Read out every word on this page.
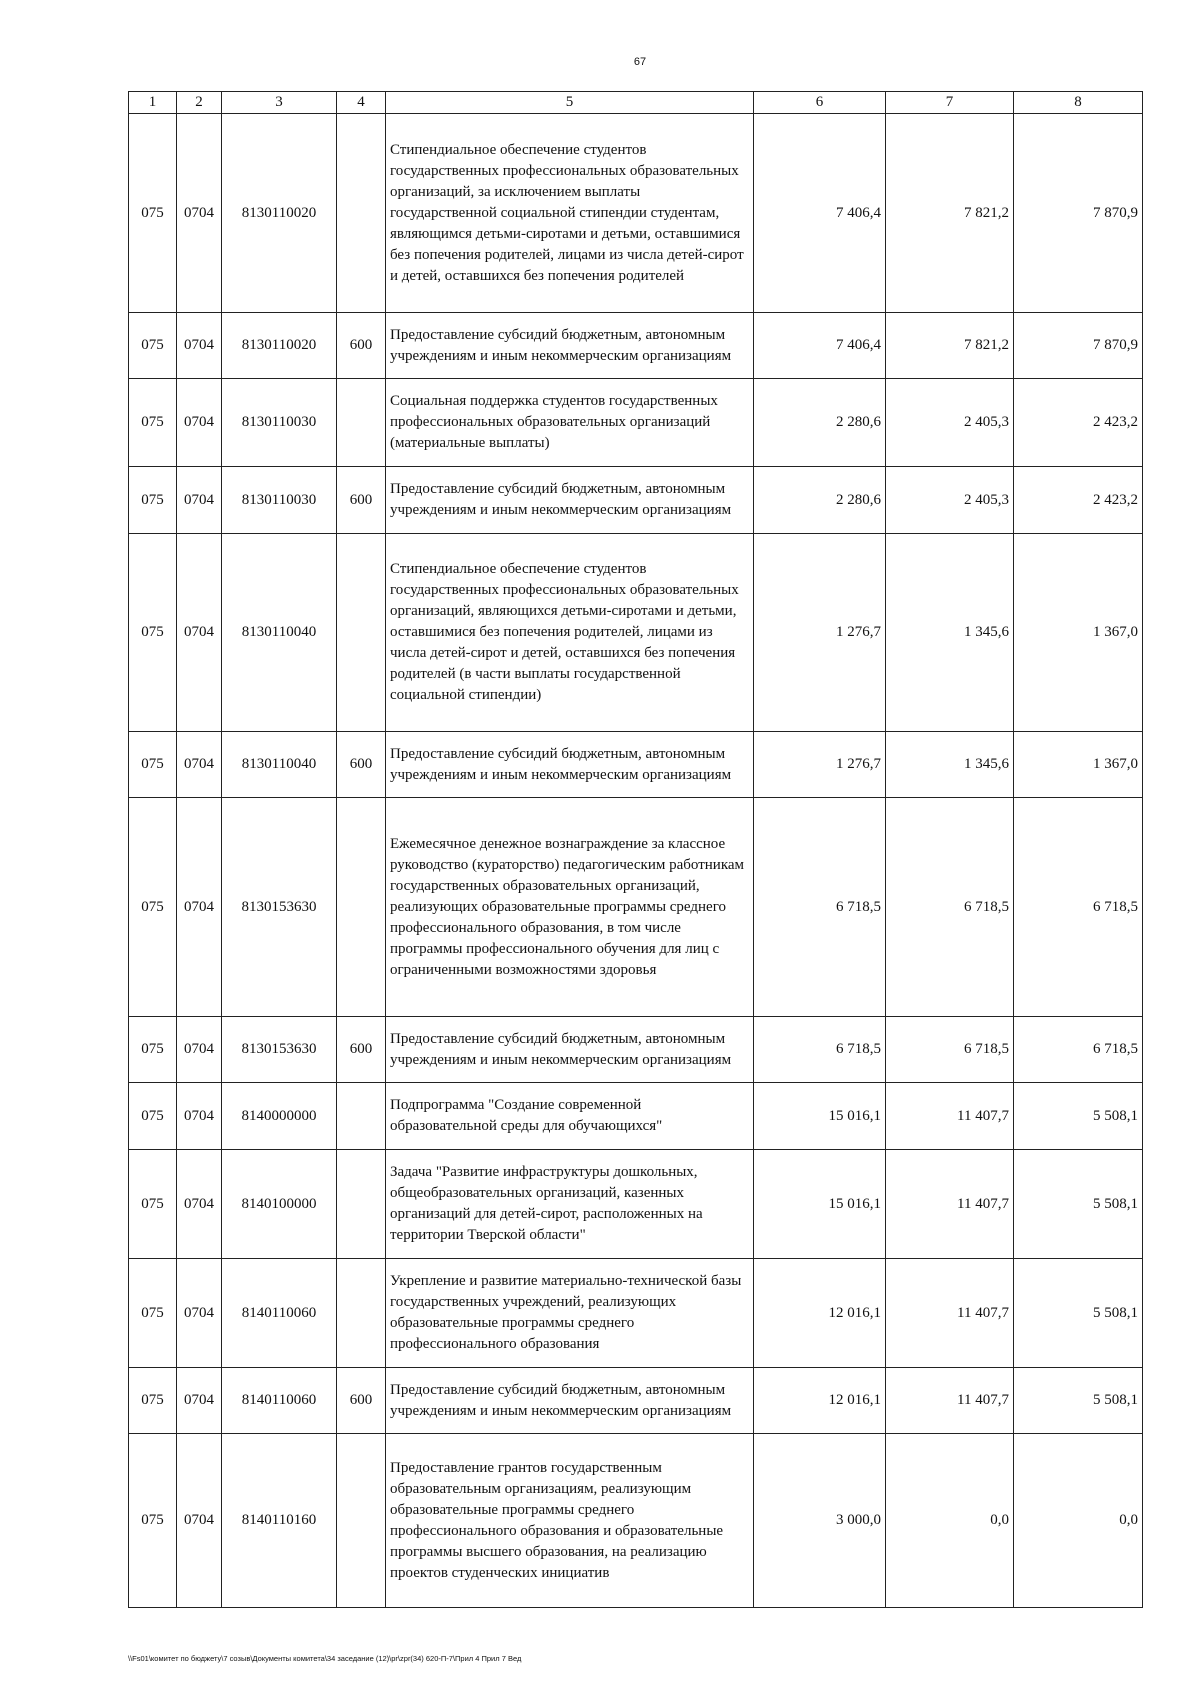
67
1	2	3	4	5	6	7	8
075	0704	8130110020		Стипендиальное обеспечение студентов государственных профессиональных образовательных организаций, за исключением выплаты государственной социальной стипендии студентам, являющимся детьми-сиротами и детьми, оставшимися без попечения родителей, лицами из числа детей-сирот и детей, оставшихся без попечения родителей	7 406,4	7 821,2	7 870,9
075	0704	8130110020	600	Предоставление субсидий бюджетным, автономным учреждениям и иным некоммерческим организациям	7 406,4	7 821,2	7 870,9
075	0704	8130110030		Социальная поддержка студентов государственных профессиональных образовательных организаций (материальные выплаты)	2 280,6	2 405,3	2 423,2
075	0704	8130110030	600	Предоставление субсидий бюджетным, автономным учреждениям и иным некоммерческим организациям	2 280,6	2 405,3	2 423,2
075	0704	8130110040		Стипендиальное обеспечение студентов государственных профессиональных образовательных организаций, являющихся детьми-сиротами и детьми, оставшимися без попечения родителей, лицами из числа детей-сирот и детей, оставшихся без попечения родителей (в части выплаты государственной социальной стипендии)	1 276,7	1 345,6	1 367,0
075	0704	8130110040	600	Предоставление субсидий бюджетным, автономным учреждениям и иным некоммерческим организациям	1 276,7	1 345,6	1 367,0
075	0704	8130153630		Ежемесячное денежное вознаграждение за классное руководство (кураторство) педагогическим работникам государственных образовательных организаций, реализующих образовательные программы среднего профессионального образования, в том числе программы профессионального обучения для лиц с ограниченными возможностями здоровья	6 718,5	6 718,5	6 718,5
075	0704	8130153630	600	Предоставление субсидий бюджетным, автономным учреждениям и иным некоммерческим организациям	6 718,5	6 718,5	6 718,5
075	0704	8140000000		Подпрограмма "Создание современной образовательной среды для обучающихся"	15 016,1	11 407,7	5 508,1
075	0704	8140100000		Задача "Развитие инфраструктуры дошкольных, общеобразовательных организаций, казенных организаций для детей-сирот, расположенных на территории Тверской области"	15 016,1	11 407,7	5 508,1
075	0704	8140110060		Укрепление и развитие материально-технической базы государственных учреждений, реализующих образовательные программы среднего профессионального образования	12 016,1	11 407,7	5 508,1
075	0704	8140110060	600	Предоставление субсидий бюджетным, автономным учреждениям и иным некоммерческим организациям	12 016,1	11 407,7	5 508,1
075	0704	8140110160		Предоставление грантов государственным образовательным организациям, реализующим образовательные программы среднего профессионального образования и образовательные программы высшего образования, на реализацию проектов студенческих инициатив	3 000,0	0,0	0,0
\\Fs01\комитет по бюджету\7 созыв\Документы комитета\34 заседание (12)\pr\zpr(34) 620-П-7\Прил 4 Прил 7 Вед
